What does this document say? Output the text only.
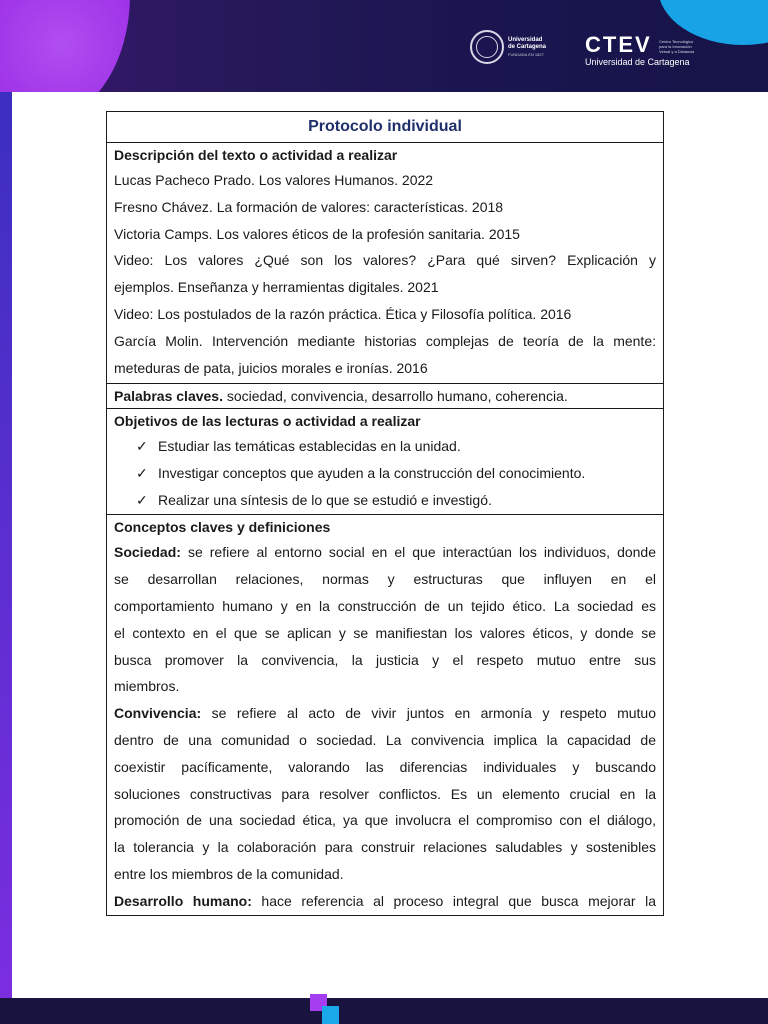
Universidad
de Cartagena
FUNDADA EN 1827 CTEV	Centro Tecnológico para la Innovación Virtual y a Distancia
Universidad de Cartagena
Protocolo individual

Descripción del texto o actividad a realizar

Lucas Pacheco Prado. Los valores Humanos. 2022

Fresno Chávez. La formación de valores: características. 2018

Victoria Camps. Los valores éticos de la profesión sanitaria. 2015

Video: Los valores ¿Qué son los valores? ¿Para qué sirven? Explicación y

ejemplos. Enseñanza y herramientas digitales. 2021

Video: Los postulados de la razón práctica. Ética y Filosofía política. 2016

García Molin. Intervención mediante historias complejas de teoría de la mente:

meteduras de pata, juicios morales e ironías. 2016

Palabras claves. sociedad, convivencia, desarrollo humano, coherencia.

Objetivos de las lecturas o actividad a realizar

✓ Estudiar las temáticas establecidas en la unidad.
✓ Investigar conceptos que ayuden a la construcción del conocimiento.
✓ Realizar una síntesis de lo que se estudió e investigó.

Conceptos claves y definiciones

Sociedad: se refiere al entorno social en el que interactúan los individuos, donde

se desarrollan relaciones, normas y estructuras que influyen en el

comportamiento humano y en la construcción de un tejido ético. La sociedad es

el contexto en el que se aplican y se manifiestan los valores éticos, y donde se

busca promover la convivencia, la justicia y el respeto mutuo entre sus

miembros.

Convivencia: se refiere al acto de vivir juntos en armonía y respeto mutuo

dentro de una comunidad o sociedad. La convivencia implica la capacidad de

coexistir pacíficamente, valorando las diferencias individuales y buscando

soluciones constructivas para resolver conflictos. Es un elemento crucial en la

promoción de una sociedad ética, ya que involucra el compromiso con el diálogo,

la tolerancia y la colaboración para construir relaciones saludables y sostenibles

entre los miembros de la comunidad.

Desarrollo humano: hace referencia al proceso integral que busca mejorar la
